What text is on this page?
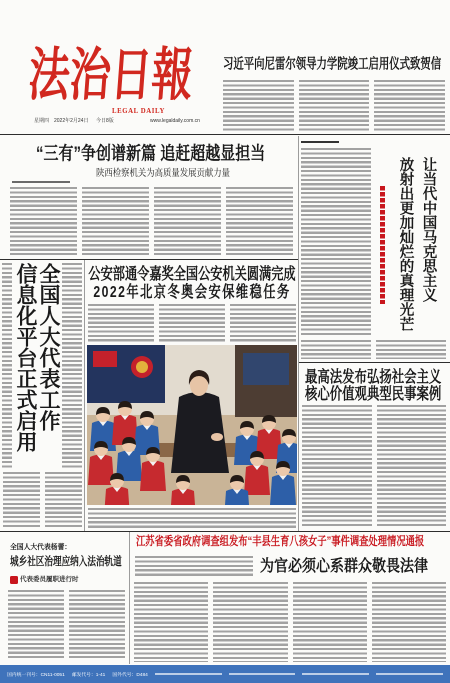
法治日報
LEGAL DAILY
星期四 2022年2月24日 今日8版	www.legaldaily.com.cn
习近平向尼雷尔领导力学院竣工启用仪式致贺信
“三有”争创谱新篇 追赶超越显担当
陕西检察机关为高质量发展贡献力量	让当代中国马克思主义
放射出更加灿烂的真理光芒
信息化平台正式启用 全国人大代表工作 公安部通令嘉奖全国公安机关圆满完成
2022年北京冬奥会安保维稳任务
最高法发布弘扬社会主义
核心价值观典型民事案例
全国人大代表杨蕾：
城乡社区治理应纳入法治轨道
代表委员履职进行时
江苏省委省政府调查组发布“丰县生育八孩女子”事件调查处理情况通报
为官必须心系群众敬畏法律
国内统一刊号：CN11-0051 邮发代号：1-41 国外代号：D484
